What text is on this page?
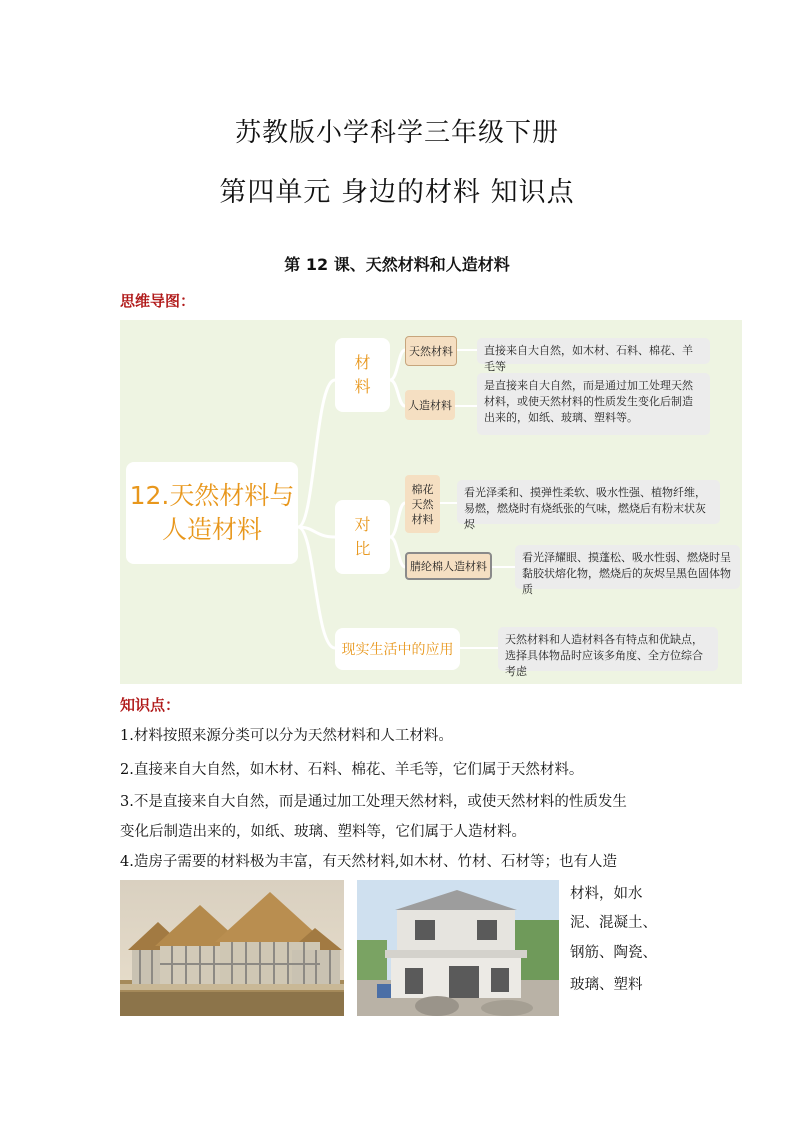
苏教版小学科学三年级下册
第四单元 身边的材料 知识点
第 12 课、天然材料和人造材料
思维导图：
12.天然材料与人造材料
材料
天然材料	直接来自大自然，如木材、石料、棉花、羊毛等
人造材料
是直接来自大自然，而是通过加工处理天然材料，或使天然材料的性质发生变化后制造出来的，如纸、玻璃、塑料等。
对比
棉花天然材料
看光泽柔和、摸弹性柔软、吸水性强、植物纤维，易燃，燃烧时有烧纸张的气味，燃烧后有粉末状灰烬
腈纶棉人造材料
看光泽耀眼、摸蓬松、吸水性弱、燃烧时呈黏胶状熔化物，燃烧后的灰烬呈黑色固体物质
现实生活中的应用
天然材料和人造材料各有特点和优缺点，选择具体物品时应该多角度、全方位综合考虑
知识点：
1.材料按照来源分类可以分为天然材料和人工材料。
2.直接来自大自然，如木材、石料、棉花、羊毛等，它们属于天然材料。
3.不是直接来自大自然，而是通过加工处理天然材料，或使天然材料的性质发生
变化后制造出来的，如纸、玻璃、塑料等，它们属于人造材料。
4.造房子需要的材料极为丰富，有天然材料,如木材、竹材、石材等；也有人造
材料，如水
泥、混凝土、
钢筋、陶瓷、
玻璃、塑料
